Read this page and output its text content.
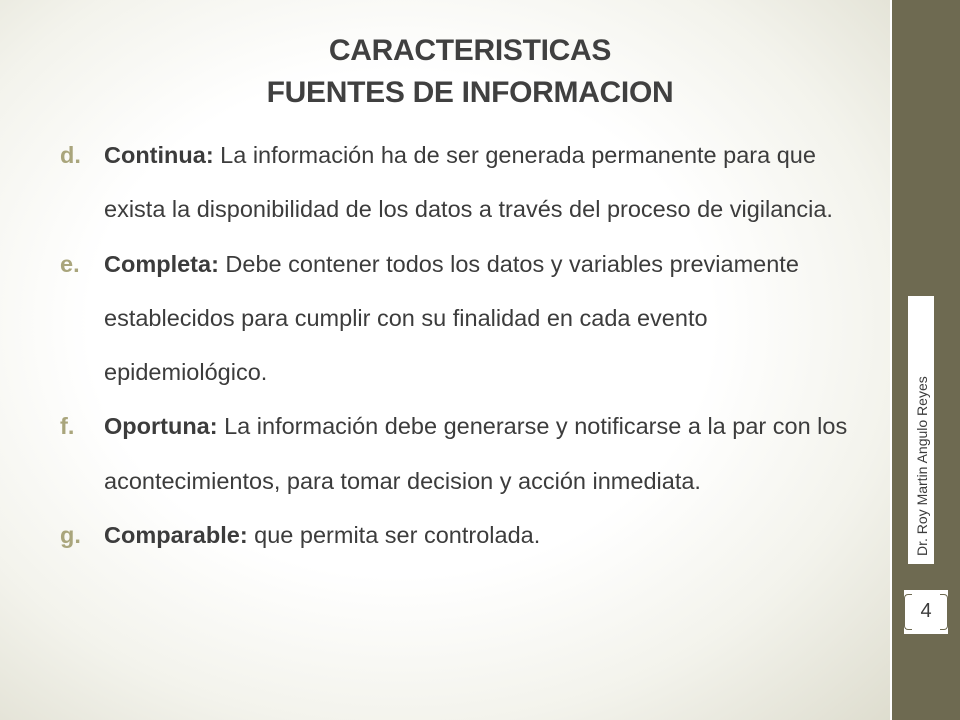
CARACTERISTICAS
FUENTES DE INFORMACION
d. Continua: La información ha de ser generada permanente para que exista la disponibilidad de los datos a través del proceso de vigilancia.
e. Completa: Debe contener todos los datos y variables previamente establecidos para cumplir con su finalidad en cada evento epidemiológico.
f. Oportuna: La información debe generarse y notificarse a la par con los acontecimientos, para tomar decision y acción inmediata.
g. Comparable: que permita ser controlada.	Dr. Roy Martin Angulo Reyes
4
